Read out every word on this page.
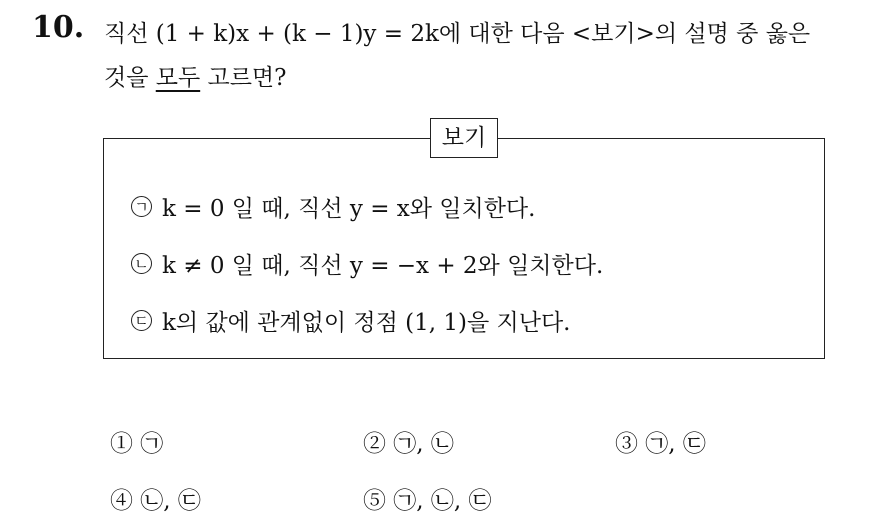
10. 직선 (1 + k)x + (k − 1)y = 2k에 대한 다음 <보기>의 설명 중 옳은
것을 모두 고르면?
보기
ㄱ k = 0 일 때, 직선 y = x와 일치한다.
ㄴ k ≠ 0 일 때, 직선 y = −x + 2와 일치한다.
ㄷ k의 값에 관계없이 정점 (1, 1)을 지난다.
① ㉠	② ㉠, ㉡	③ ㉠, ㉢
④ ㉡, ㉢	⑤ ㉠, ㉡, ㉢
